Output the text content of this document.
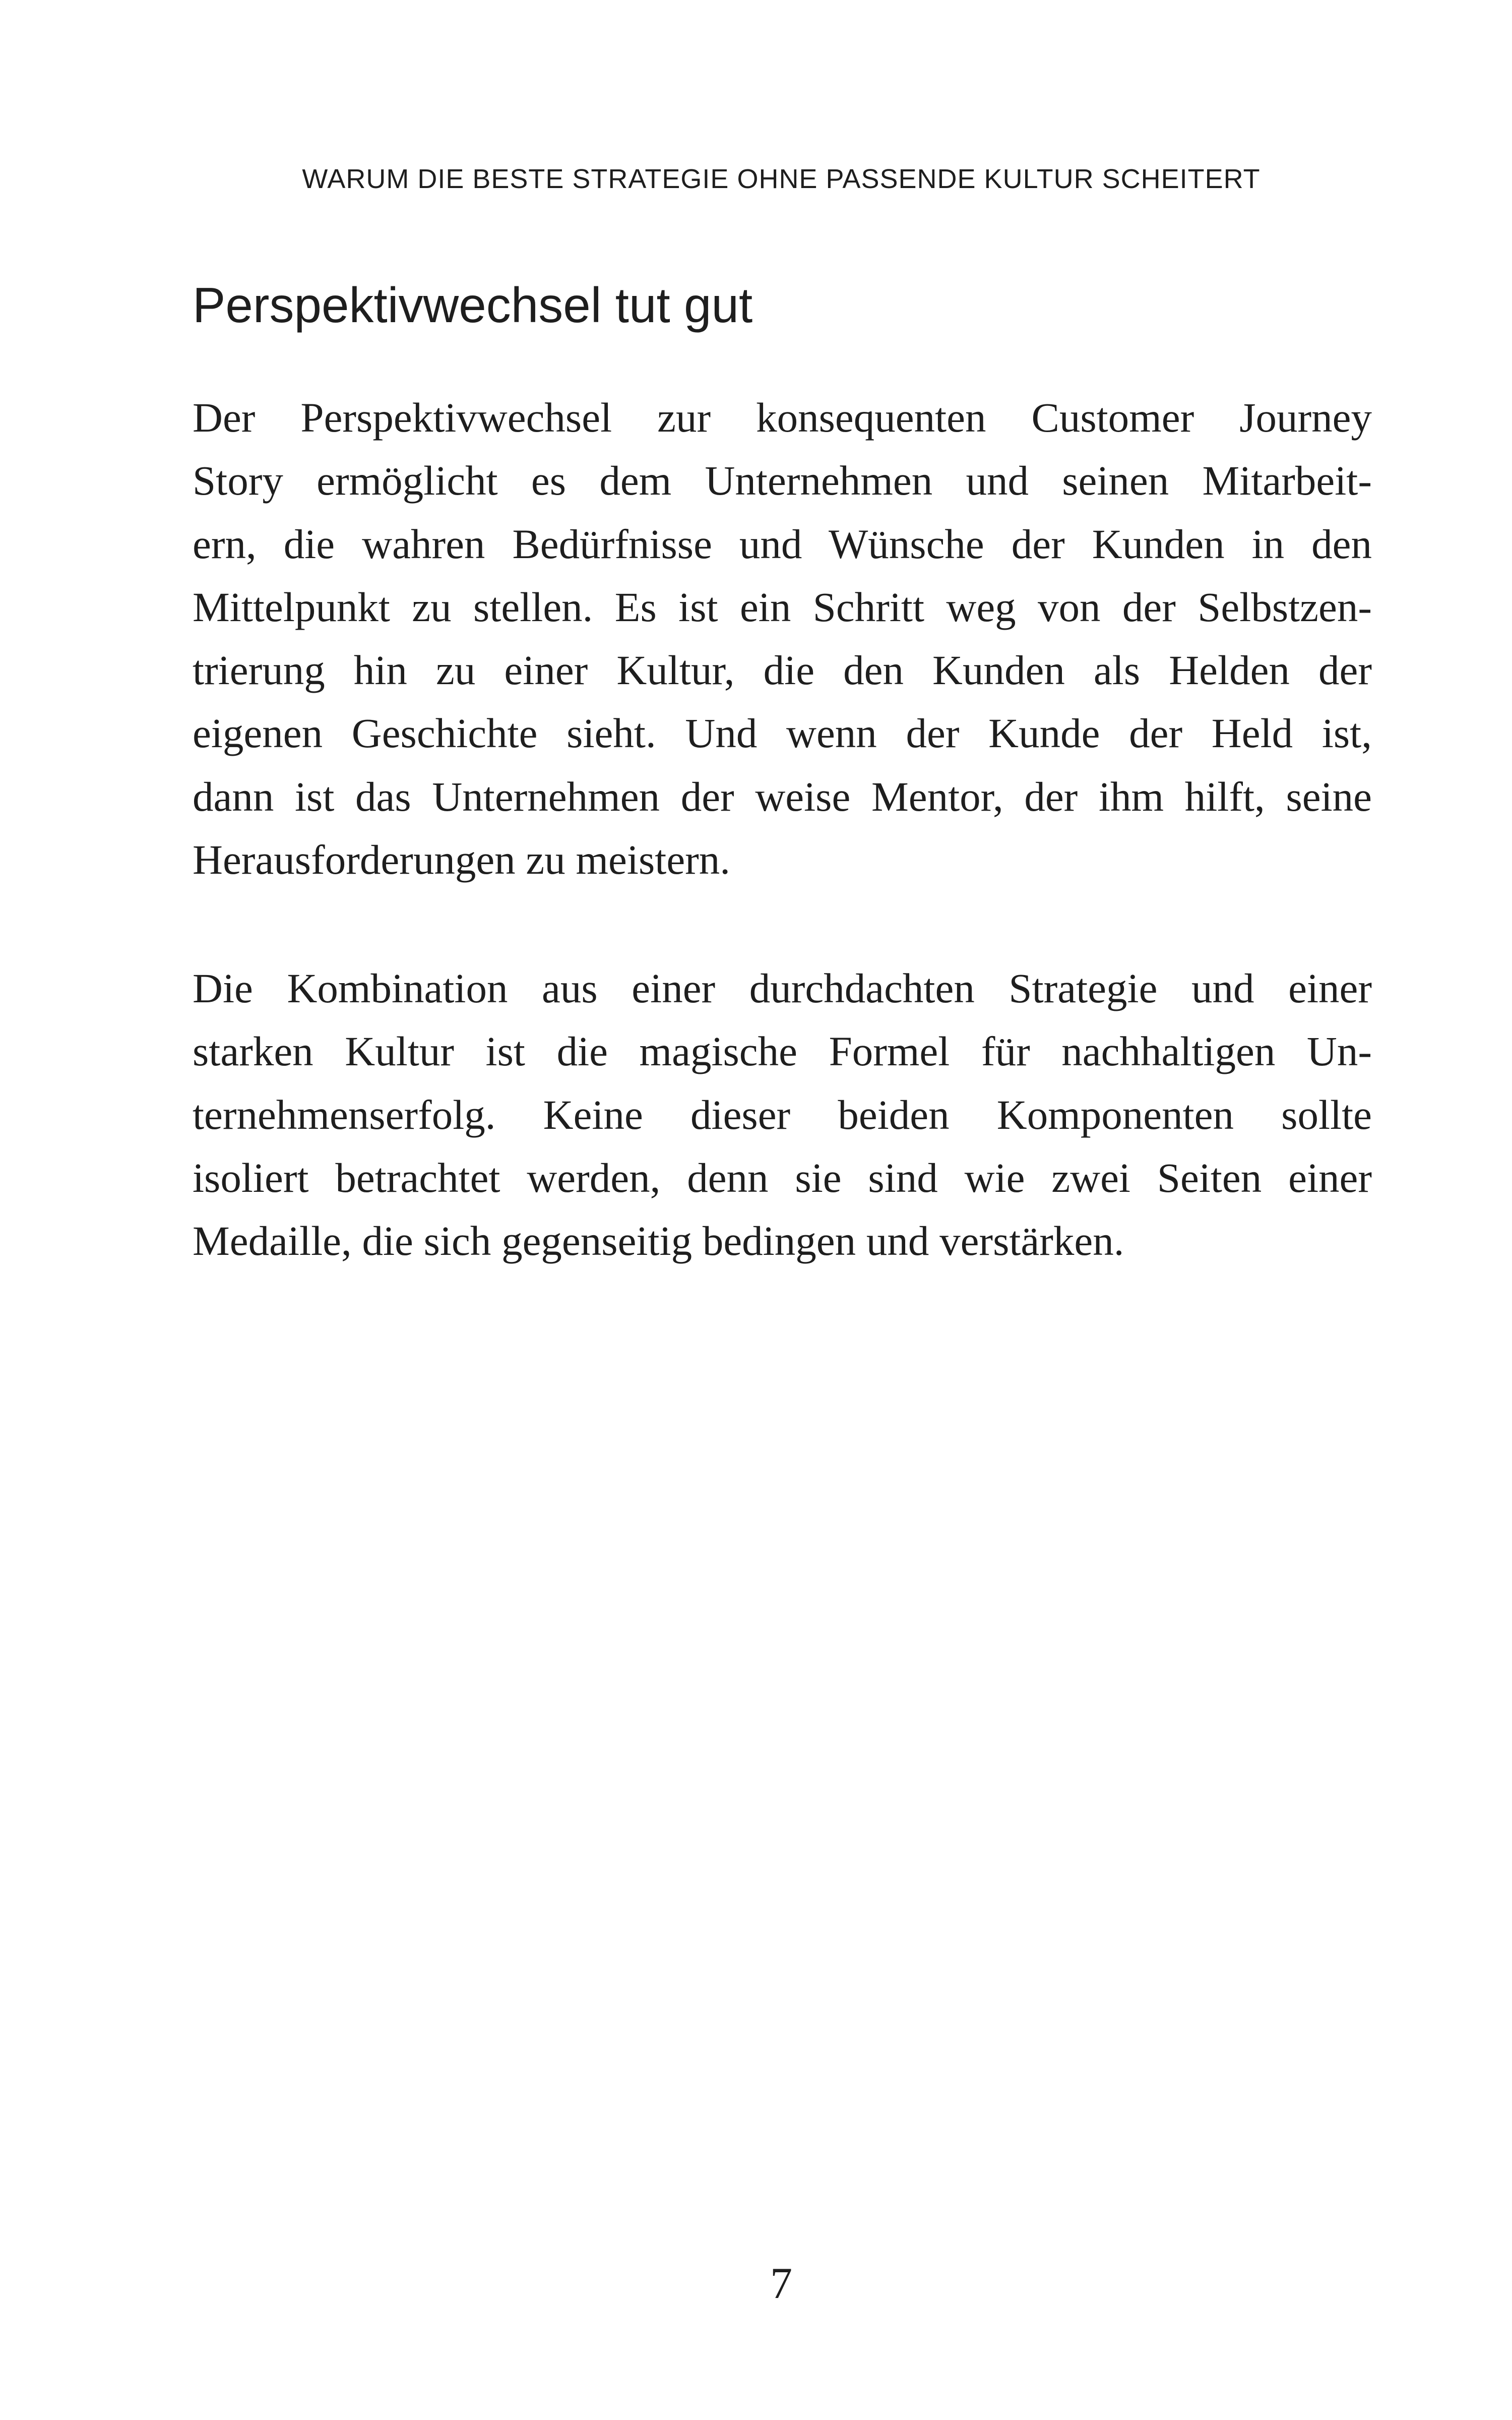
WARUM DIE BESTE STRATEGIE OHNE PASSENDE KULTUR SCHEITERT
Perspektivwechsel tut gut
Der Perspektivwechsel zur konsequenten Customer Journey
Story ermöglicht es dem Unternehmen und seinen Mitarbeit-
ern, die wahren Bedürfnisse und Wünsche der Kunden in den
Mittelpunkt zu stellen. Es ist ein Schritt weg von der Selbstzen-
trierung hin zu einer Kultur, die den Kunden als Helden der
eigenen Geschichte sieht. Und wenn der Kunde der Held ist,
dann ist das Unternehmen der weise Mentor, der ihm hilft, seine
Herausforderungen zu meistern.
Die Kombination aus einer durchdachten Strategie und einer
starken Kultur ist die magische Formel für nachhaltigen Un-
ternehmenserfolg. Keine dieser beiden Komponenten sollte
isoliert betrachtet werden, denn sie sind wie zwei Seiten einer
Medaille, die sich gegenseitig bedingen und verstärken.
7
